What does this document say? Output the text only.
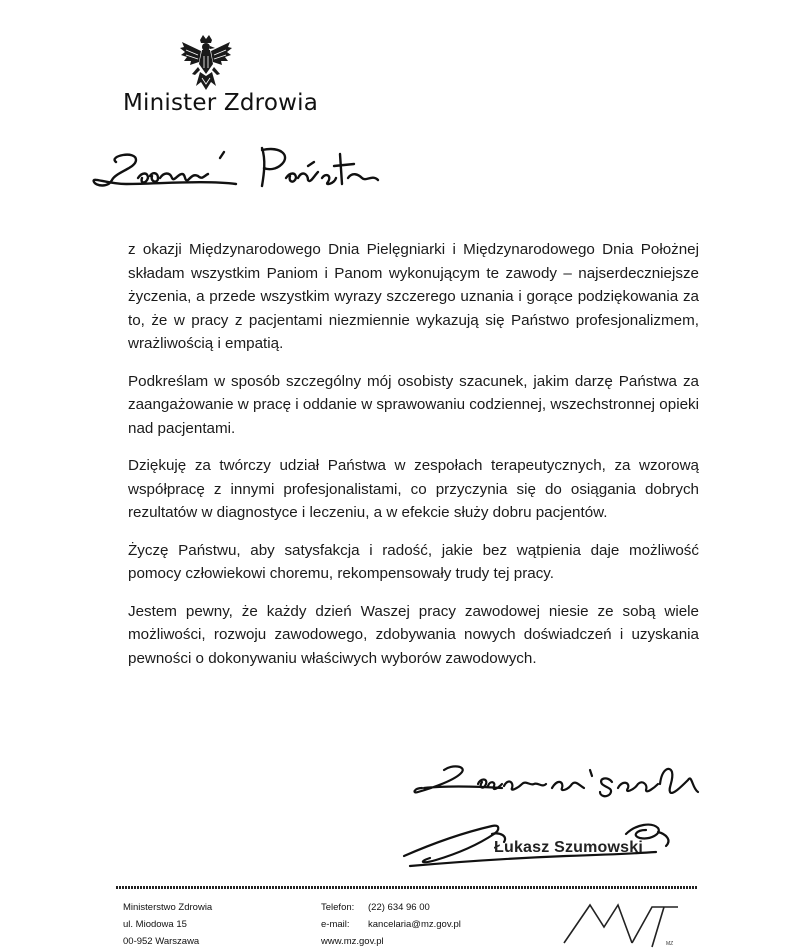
Minister Zdrowia

z okazji Międzynarodowego Dnia Pielęgniarki i Międzynarodowego Dnia Położnej składam wszystkim Paniom i Panom wykonującym te zawody – najserdeczniejsze życzenia, a przede wszystkim wyrazy szczerego uznania i gorące podziękowania za to, że w pracy z pacjentami niezmiennie wykazują się Państwo profesjonalizmem, wrażliwością i empatią.

Podkreślam w sposób szczególny mój osobisty szacunek, jakim darzę Państwa za zaangażowanie w pracę i oddanie w sprawowaniu codziennej, wszechstronnej opieki nad pacjentami.

Dziękuję za twórczy udział Państwa w zespołach terapeutycznych, za wzorową współpracę z innymi profesjonalistami, co przyczynia się do osiągania dobrych rezultatów w diagnostyce i leczeniu, a w efekcie służy dobru pacjentów.

Życzę Państwu, aby satysfakcja i radość, jakie bez wątpienia daje możliwość pomocy człowiekowi choremu, rekompensowały trudy tej pracy.

Jestem pewny, że każdy dzień Waszej pracy zawodowej niesie ze sobą wiele możliwości, rozwoju zawodowego, zdobywania nowych doświadczeń i uzyskania pewności o dokonywaniu właściwych wyborów zawodowych.

Łukasz Szumowski
Ministerstwo Zdrowia
ul. Miodowa 15
00-952 Warszawa
Telefon: (22) 634 96 00
e-mail: kancelaria@mz.gov.pl
www.mz.gov.pl	MZ
